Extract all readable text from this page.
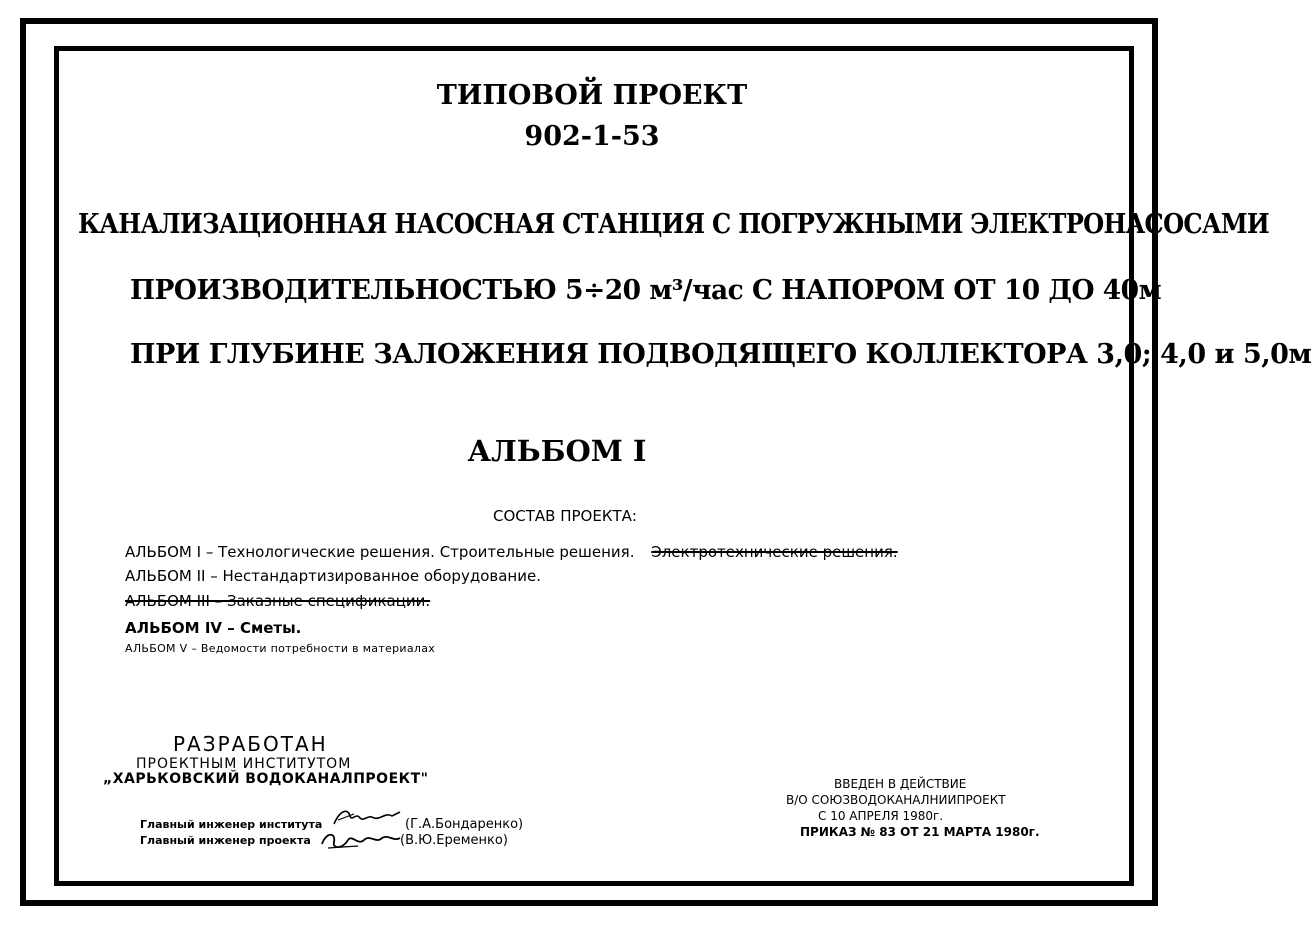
ТИПОВОЙ ПРОЕКТ
902-1-53
КАНАЛИЗАЦИОННАЯ НАСОСНАЯ СТАНЦИЯ С ПОГРУЖНЫМИ ЭЛЕКТРОНАСОСАМИ
ПРОИЗВОДИТЕЛЬНОСТЬЮ 5÷20 м³/час С НАПОРОМ ОТ 10 ДО 40м
ПРИ ГЛУБИНЕ ЗАЛОЖЕНИЯ ПОДВОДЯЩЕГО КОЛЛЕКТОРА 3,0; 4,0 и 5,0м
АЛЬБОМ I
СОСТАВ ПРОЕКТА:
АЛЬБОМ I – Технологические решения. Строительные решения. Электротехнические решения.
АЛЬБОМ II – Нестандартизированное оборудование.
АЛЬБОМ III – Заказные спецификации.
АЛЬБОМ IV – Сметы.
АЛЬБОМ V – Ведомости потребности в материалах
РАЗРАБОТАН
ПРОЕКТНЫМ ИНСТИТУТОМ
„ХАРЬКОВСКИЙ ВОДОКАНАЛПРОЕКТ"
Главный инженер института
Главный инженер проекта
(Г.А.Бондаренко)
(В.Ю.Еременко)
ВВЕДЕН В ДЕЙСТВИЕ
В/О СОЮЗВОДОКАНАЛНИИПРОЕКТ
С 10 АПРЕЛЯ 1980г.
ПРИКАЗ № 83 ОТ 21 МАРТА 1980г.
